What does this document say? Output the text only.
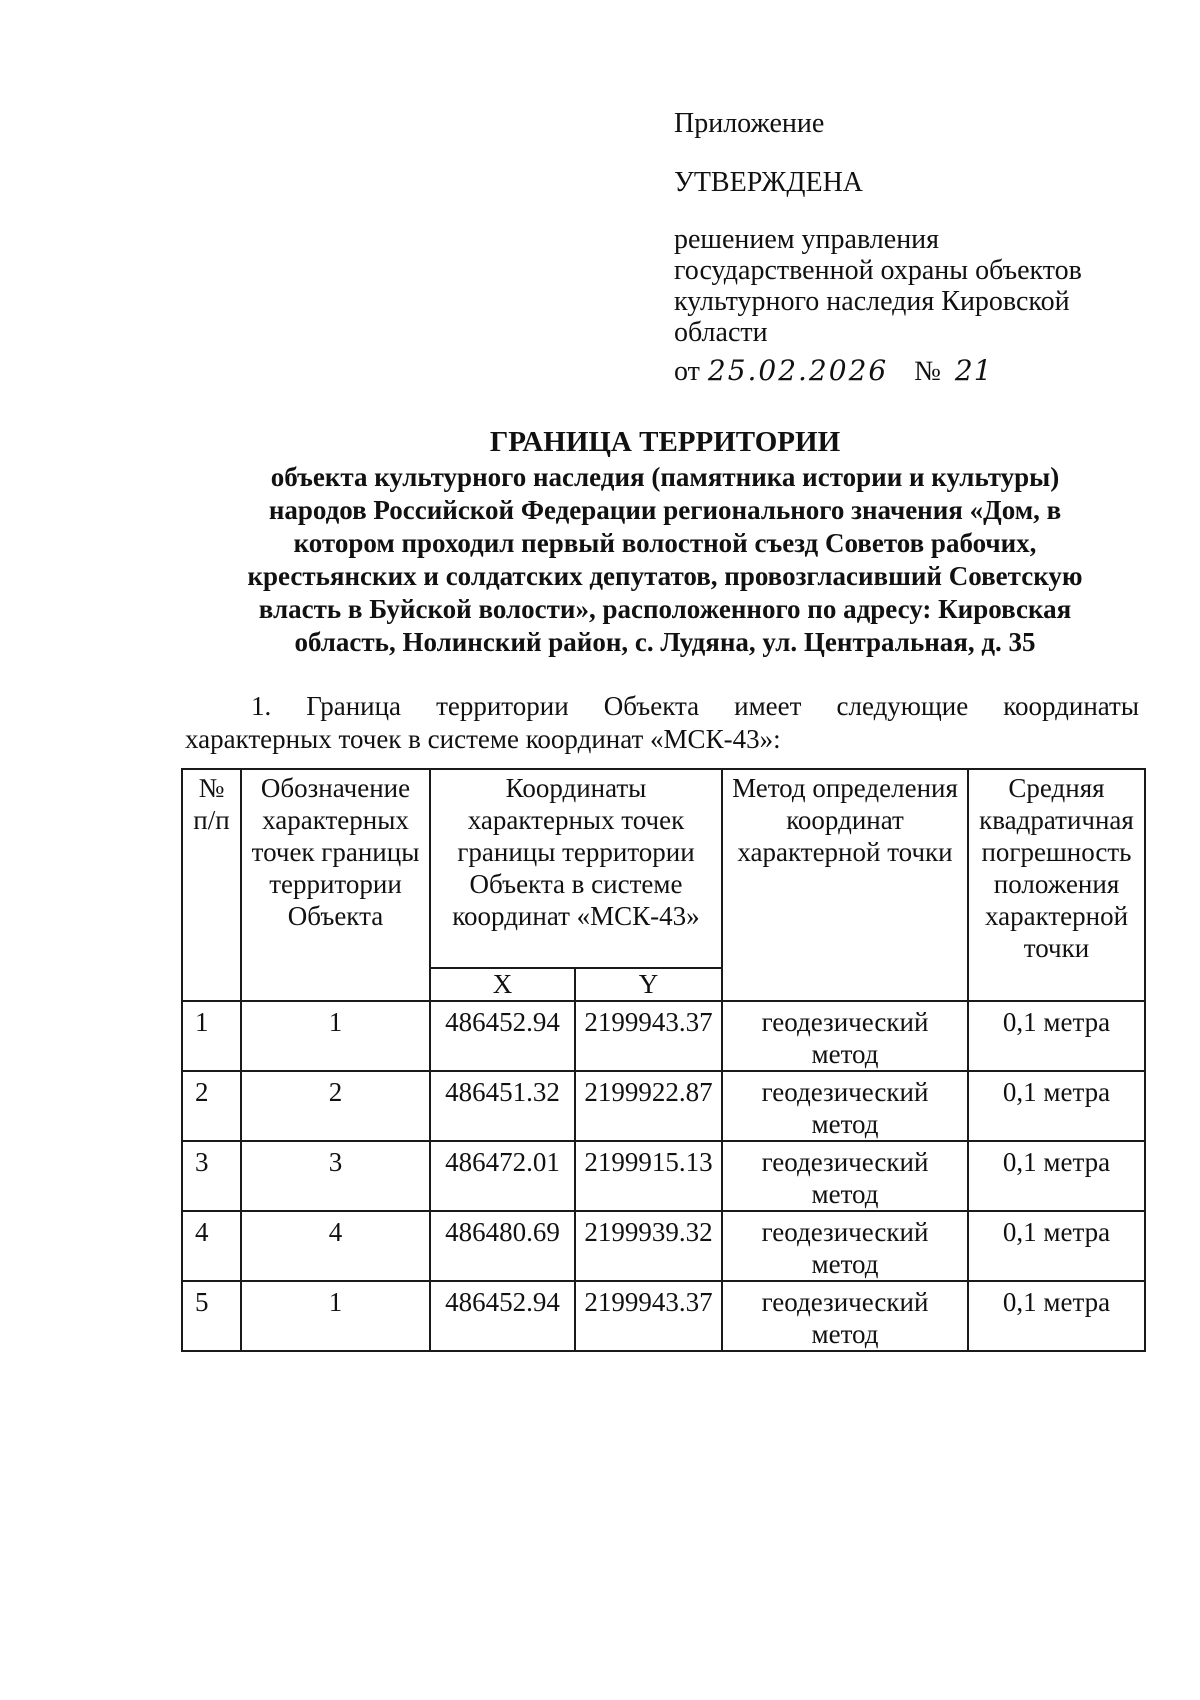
Приложение

УТВЕРЖДЕНА

решением управления
государственной охраны объектов
культурного наследия Кировской
области

от 25.02.2026 № 21

ГРАНИЦА ТЕРРИТОРИИ

объекта культурного наследия (памятника истории и культуры)
народов Российской Федерации регионального значения «Дом, в
котором проходил первый волостной съезд Советов рабочих,
крестьянских и солдатских депутатов, провозгласивший Советскую
власть в Буйской волости», расположенного по адресу: Кировская
область, Нолинский район, с. Лудяна, ул. Центральная, д. 35

1. Граница территории Объекта имеет следующие координаты
характерных точек в системе координат «МСК-43»:
№ п/п	Обозначение характерных точек границы территории Объекта	Координаты характерных точек границы территории Объекта в системе координат «МСК-43»		Метод определения координат характерной точки	Средняя квадратичная погрешность положения характерной точки
		X	Y		
1	1	486452.94	2199943.37	геодезический метод	0,1 метра
2	2	486451.32	2199922.87	геодезический метод	0,1 метра
3	3	486472.01	2199915.13	геодезический метод	0,1 метра
4	4	486480.69	2199939.32	геодезический метод	0,1 метра
5	1	486452.94	2199943.37	геодезический метод	0,1 метра
